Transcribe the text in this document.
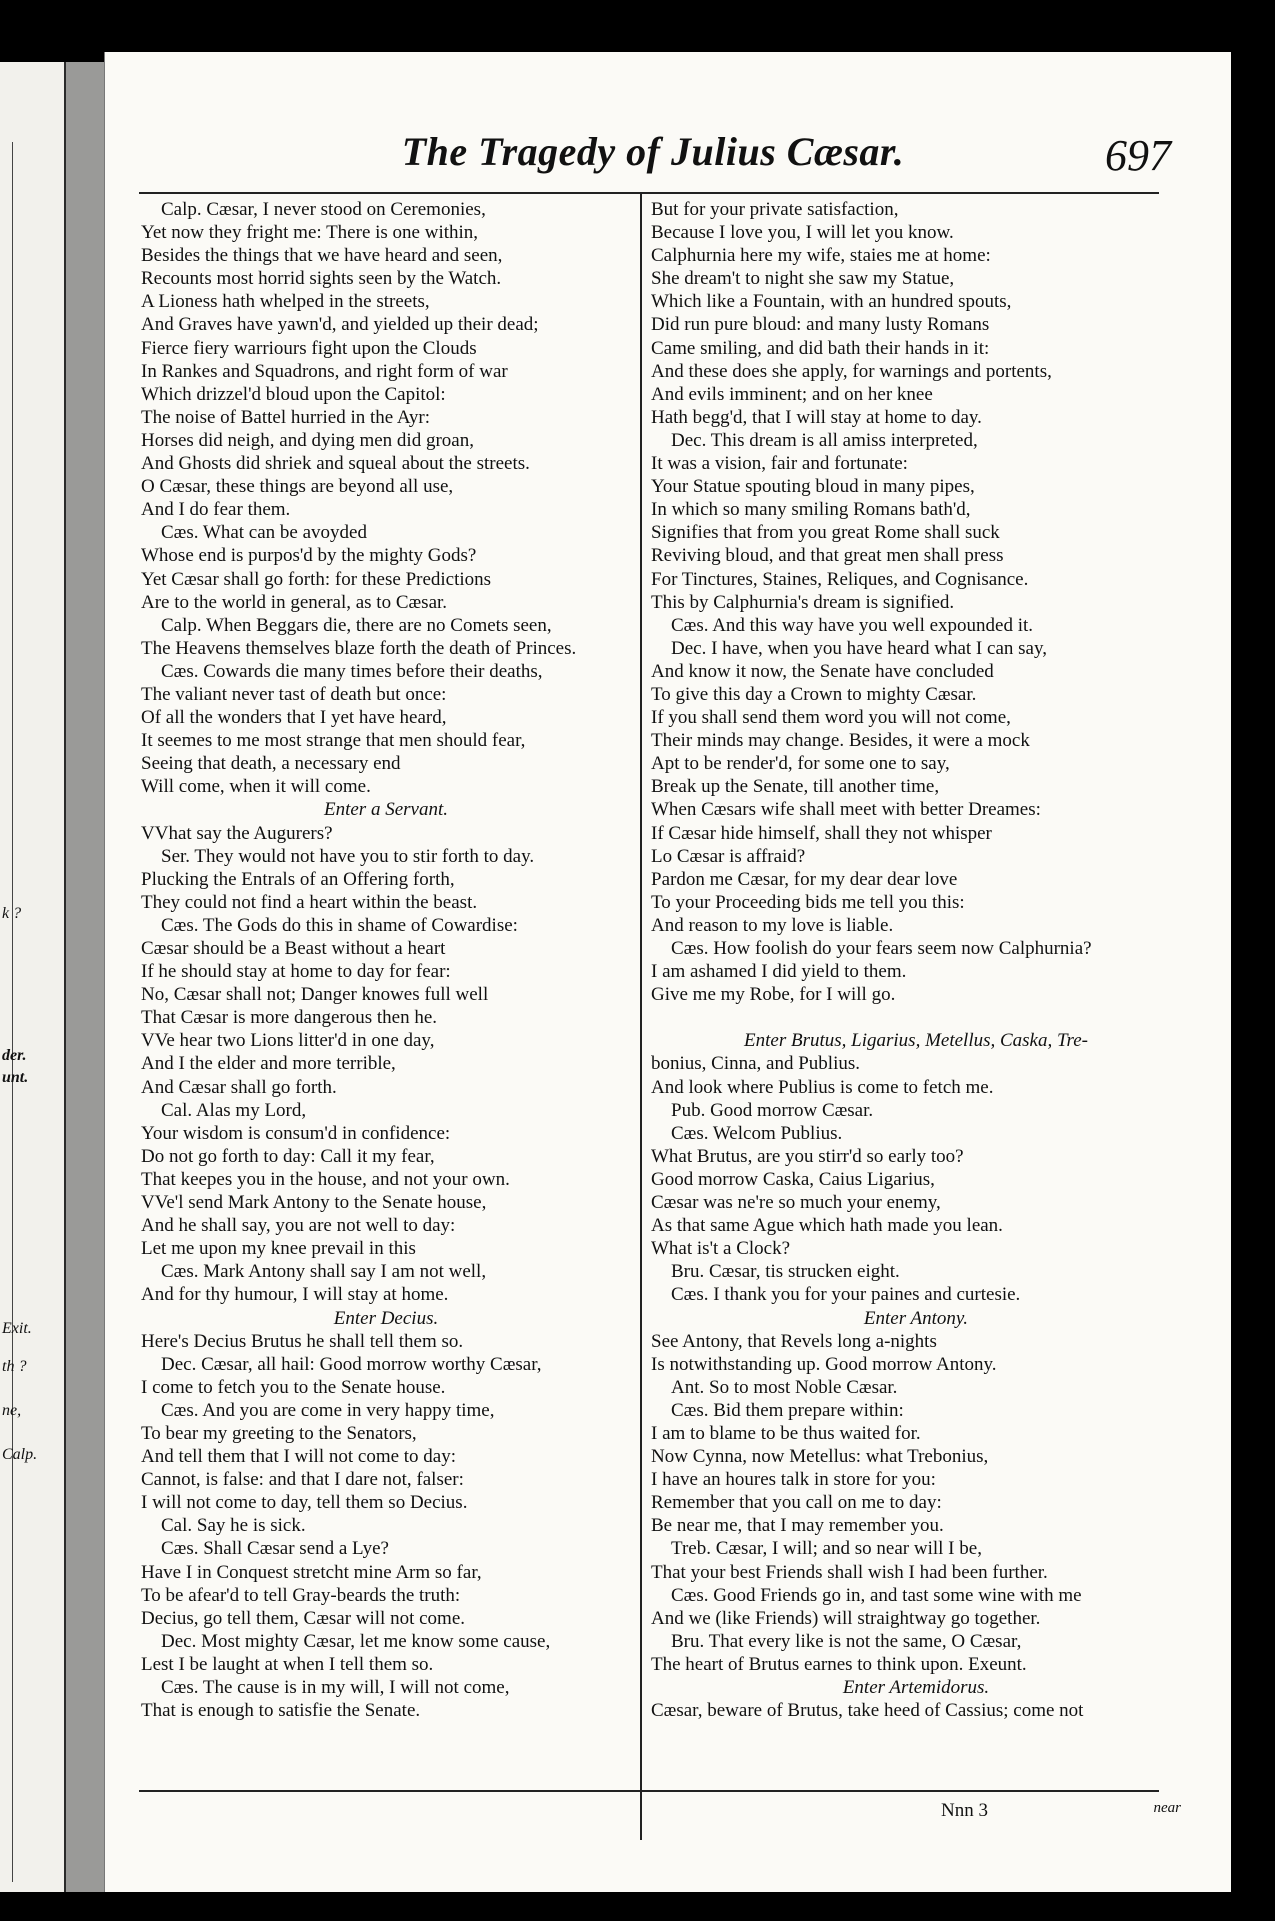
k ?
der.
unt.
Exit.
th ?
ne,
Calp.
The Tragedy of Julius Cæsar.	697
Calp. Cæsar, I never stood on Ceremonies,
Yet now they fright me: There is one within,
Besides the things that we have heard and seen,
Recounts most horrid sights seen by the Watch.
A Lioness hath whelped in the streets,
And Graves have yawn'd, and yielded up their dead;
Fierce fiery warriours fight upon the Clouds
In Rankes and Squadrons, and right form of war
Which drizzel'd bloud upon the Capitol:
The noise of Battel hurried in the Ayr:
Horses did neigh, and dying men did groan,
And Ghosts did shriek and squeal about the streets.
O Cæsar, these things are beyond all use,
And I do fear them.
Cæs. What can be avoyded
Whose end is purpos'd by the mighty Gods?
Yet Cæsar shall go forth: for these Predictions
Are to the world in general, as to Cæsar.
Calp. When Beggars die, there are no Comets seen,
The Heavens themselves blaze forth the death of Princes.
Cæs. Cowards die many times before their deaths,
The valiant never tast of death but once:
Of all the wonders that I yet have heard,
It seemes to me most strange that men should fear,
Seeing that death, a necessary end
Will come, when it will come.
Enter a Servant.
VVhat say the Augurers?
Ser. They would not have you to stir forth to day.
Plucking the Entrals of an Offering forth,
They could not find a heart within the beast.
Cæs. The Gods do this in shame of Cowardise:
Cæsar should be a Beast without a heart
If he should stay at home to day for fear:
No, Cæsar shall not; Danger knowes full well
That Cæsar is more dangerous then he.
VVe hear two Lions litter'd in one day,
And I the elder and more terrible,
And Cæsar shall go forth.
Cal. Alas my Lord,
Your wisdom is consum'd in confidence:
Do not go forth to day: Call it my fear,
That keepes you in the house, and not your own.
VVe'l send Mark Antony to the Senate house,
And he shall say, you are not well to day:
Let me upon my knee prevail in this
Cæs. Mark Antony shall say I am not well,
And for thy humour, I will stay at home.
Enter Decius.
Here's Decius Brutus he shall tell them so.
Dec. Cæsar, all hail: Good morrow worthy Cæsar,
I come to fetch you to the Senate house.
Cæs. And you are come in very happy time,
To bear my greeting to the Senators,
And tell them that I will not come to day:
Cannot, is false: and that I dare not, falser:
I will not come to day, tell them so Decius.
Cal. Say he is sick.
Cæs. Shall Cæsar send a Lye?
Have I in Conquest stretcht mine Arm so far,
To be afear'd to tell Gray-beards the truth:
Decius, go tell them, Cæsar will not come.
Dec. Most mighty Cæsar, let me know some cause,
Lest I be laught at when I tell them so.
Cæs. The cause is in my will, I will not come,
That is enough to satisfie the Senate.
But for your private satisfaction,
Because I love you, I will let you know.
Calphurnia here my wife, staies me at home:
She dream't to night she saw my Statue,
Which like a Fountain, with an hundred spouts,
Did run pure bloud: and many lusty Romans
Came smiling, and did bath their hands in it:
And these does she apply, for warnings and portents,
And evils imminent; and on her knee
Hath begg'd, that I will stay at home to day.
Dec. This dream is all amiss interpreted,
It was a vision, fair and fortunate:
Your Statue spouting bloud in many pipes,
In which so many smiling Romans bath'd,
Signifies that from you great Rome shall suck
Reviving bloud, and that great men shall press
For Tinctures, Staines, Reliques, and Cognisance.
This by Calphurnia's dream is signified.
Cæs. And this way have you well expounded it.
Dec. I have, when you have heard what I can say,
And know it now, the Senate have concluded
To give this day a Crown to mighty Cæsar.
If you shall send them word you will not come,
Their minds may change. Besides, it were a mock
Apt to be render'd, for some one to say,
Break up the Senate, till another time,
When Cæsars wife shall meet with better Dreames:
If Cæsar hide himself, shall they not whisper
Lo Cæsar is affraid?
Pardon me Cæsar, for my dear dear love
To your Proceeding bids me tell you this:
And reason to my love is liable.
Cæs. How foolish do your fears seem now Calphurnia?
I am ashamed I did yield to them.
Give me my Robe, for I will go.
Enter Brutus, Ligarius, Metellus, Caska, Tre-
bonius, Cinna, and Publius.
And look where Publius is come to fetch me.
Pub. Good morrow Cæsar.
Cæs. Welcom Publius.
What Brutus, are you stirr'd so early too?
Good morrow Caska, Caius Ligarius,
Cæsar was ne're so much your enemy,
As that same Ague which hath made you lean.
What is't a Clock?
Bru. Cæsar, tis strucken eight.
Cæs. I thank you for your paines and curtesie.
Enter Antony.
See Antony, that Revels long a-nights
Is notwithstanding up. Good morrow Antony.
Ant. So to most Noble Cæsar.
Cæs. Bid them prepare within:
I am to blame to be thus waited for.
Now Cynna, now Metellus: what Trebonius,
I have an houres talk in store for you:
Remember that you call on me to day:
Be near me, that I may remember you.
Treb. Cæsar, I will; and so near will I be,
That your best Friends shall wish I had been further.
Cæs. Good Friends go in, and tast some wine with me
And we (like Friends) will straightway go together.
Bru. That every like is not the same, O Cæsar,
The heart of Brutus earnes to think upon. Exeunt.
Enter Artemidorus.
Cæsar, beware of Brutus, take heed of Cassius; come not
Nnn 3	near
